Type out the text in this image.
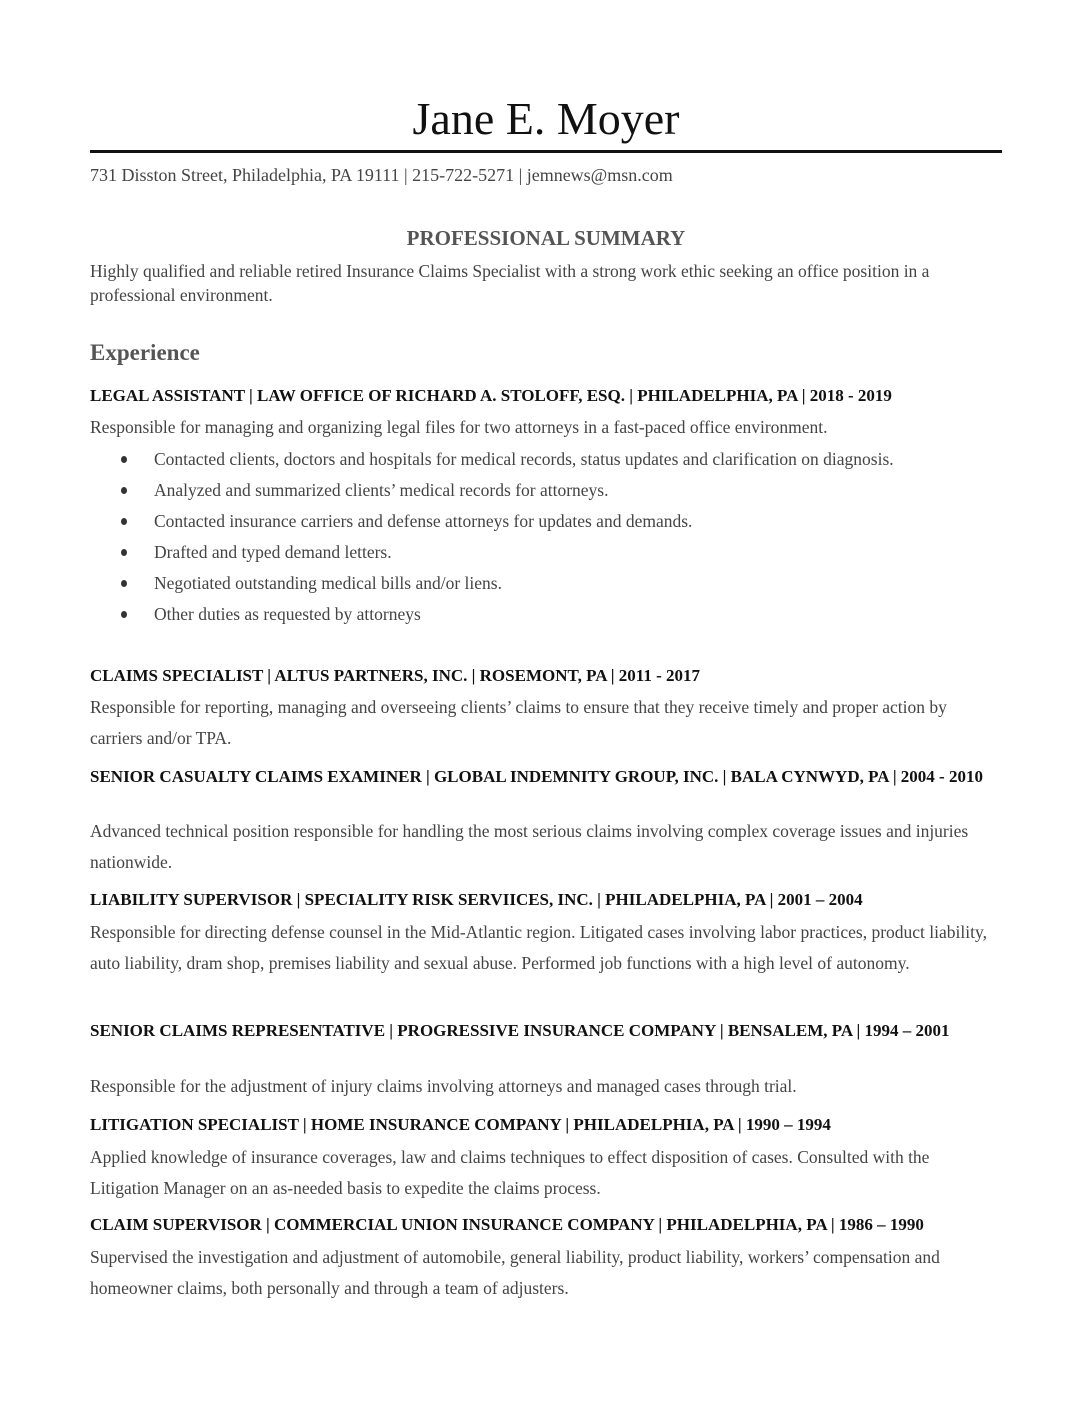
Jane E. Moyer
731 Disston Street, Philadelphia, PA 19111 | 215-722-5271 | jemnews@msn.com
PROFESSIONAL SUMMARY
Highly qualified and reliable retired Insurance Claims Specialist with a strong work ethic seeking an office position in a professional environment.
Experience
LEGAL ASSISTANT | LAW OFFICE OF RICHARD A. STOLOFF, ESQ. | PHILADELPHIA, PA | 2018 - 2019
Responsible for managing and organizing legal files for two attorneys in a fast-paced office environment.
Contacted clients, doctors and hospitals for medical records, status updates and clarification on diagnosis.
Analyzed and summarized clients’ medical records for attorneys.
Contacted insurance carriers and defense attorneys for updates and demands.
Drafted and typed demand letters.
Negotiated outstanding medical bills and/or liens.
Other duties as requested by attorneys
CLAIMS SPECIALIST | ALTUS PARTNERS, INC. | ROSEMONT, PA | 2011 - 2017
Responsible for reporting, managing and overseeing clients’ claims to ensure that they receive timely and proper action by carriers and/or TPA.
SENIOR CASUALTY CLAIMS EXAMINER | GLOBAL INDEMNITY GROUP, INC. | BALA CYNWYD, PA | 2004 - 2010
Advanced technical position responsible for handling the most serious claims involving complex coverage issues and injuries nationwide.
LIABILITY SUPERVISOR | SPECIALITY RISK SERVIICES, INC. | PHILADELPHIA, PA | 2001 – 2004
Responsible for directing defense counsel in the Mid-Atlantic region. Litigated cases involving labor practices, product liability, auto liability, dram shop, premises liability and sexual abuse. Performed job functions with a high level of autonomy.
SENIOR CLAIMS REPRESENTATIVE | PROGRESSIVE INSURANCE COMPANY | BENSALEM, PA | 1994 – 2001
Responsible for the adjustment of injury claims involving attorneys and managed cases through trial.
LITIGATION SPECIALIST | HOME INSURANCE COMPANY | PHILADELPHIA, PA | 1990 – 1994
Applied knowledge of insurance coverages, law and claims techniques to effect disposition of cases. Consulted with the Litigation Manager on an as-needed basis to expedite the claims process.
CLAIM SUPERVISOR | COMMERCIAL UNION INSURANCE COMPANY | PHILADELPHIA, PA | 1986 – 1990
Supervised the investigation and adjustment of automobile, general liability, product liability, workers’ compensation and homeowner claims, both personally and through a team of adjusters.
